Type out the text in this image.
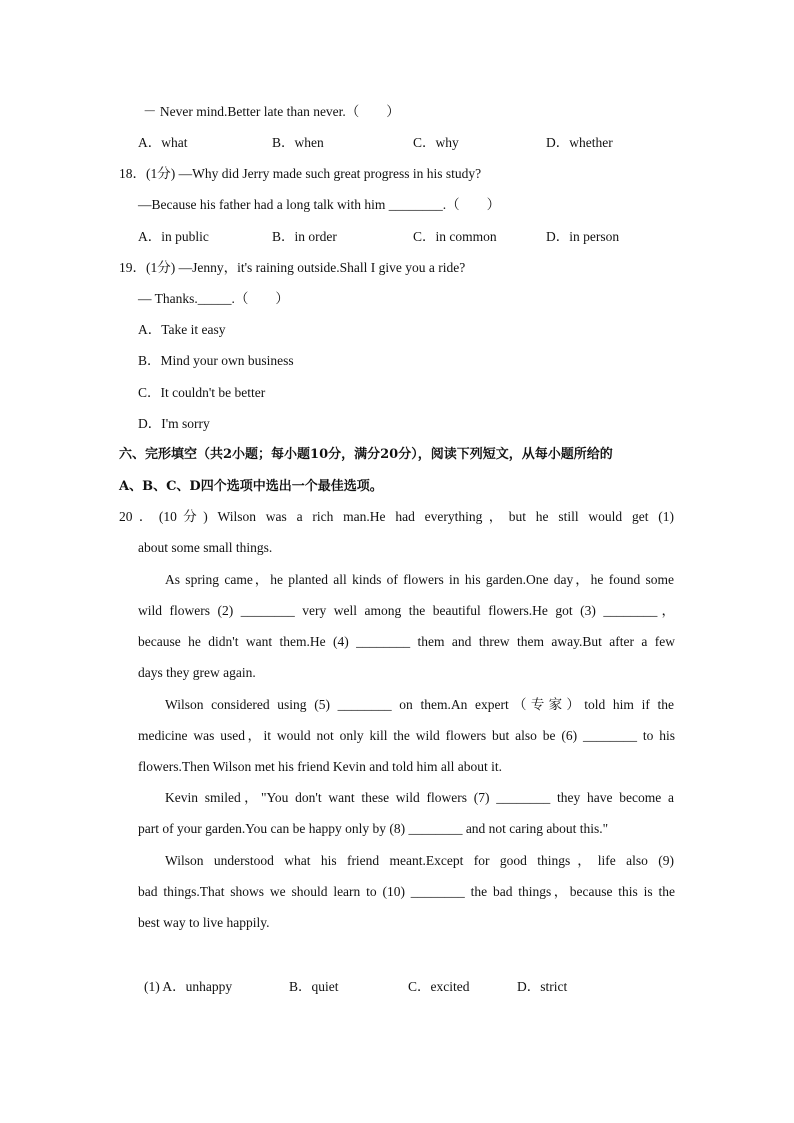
－ Never mind.Better late than never.（　　）
A．what	B．when	C．why	D．whether
18．(1分) —Why did Jerry made such great progress in his study?
—Because his father had a long talk with him ________.（　　）
A．in public	B．in order	C．in common	D．in person
19．(1分) —Jenny，it's raining outside.Shall I give you a ride?
— Thanks._____.（　　）
A．Take it easy
B．Mind your own business
C．It couldn't be better
D．I'm sorry
六、完形填空（共2小题；每小题10分，满分20分），阅读下列短文，从每小题所给的
A、B、C、D四个选项中选出一个最佳选项。
20．(10分) Wilson was a rich man.He had everything，but he still would get (1)
about some small things.
As spring came，he planted all kinds of flowers in his garden.One day，he found some
wild flowers (2) ________ very well among the beautiful flowers.He got (3) ________，
because he didn't want them.He (4) ________ them and threw them away.But after a few
days they grew again.
Wilson considered using (5) ________ on them.An expert（专家）told him if the
medicine was used，it would not only kill the wild flowers but also be (6) ________ to his
flowers.Then Wilson met his friend Kevin and told him all about it.
Kevin smiled，"You don't want these wild flowers (7) ________ they have become a
part of your garden.You can be happy only by (8) ________ and not caring about this."
Wilson understood what his friend meant.Except for good things，life also (9)
bad things.That shows we should learn to (10) ________ the bad things，because this is the
best way to live happily.
(1) A．unhappy	B．quiet	C．excited	D．strict
